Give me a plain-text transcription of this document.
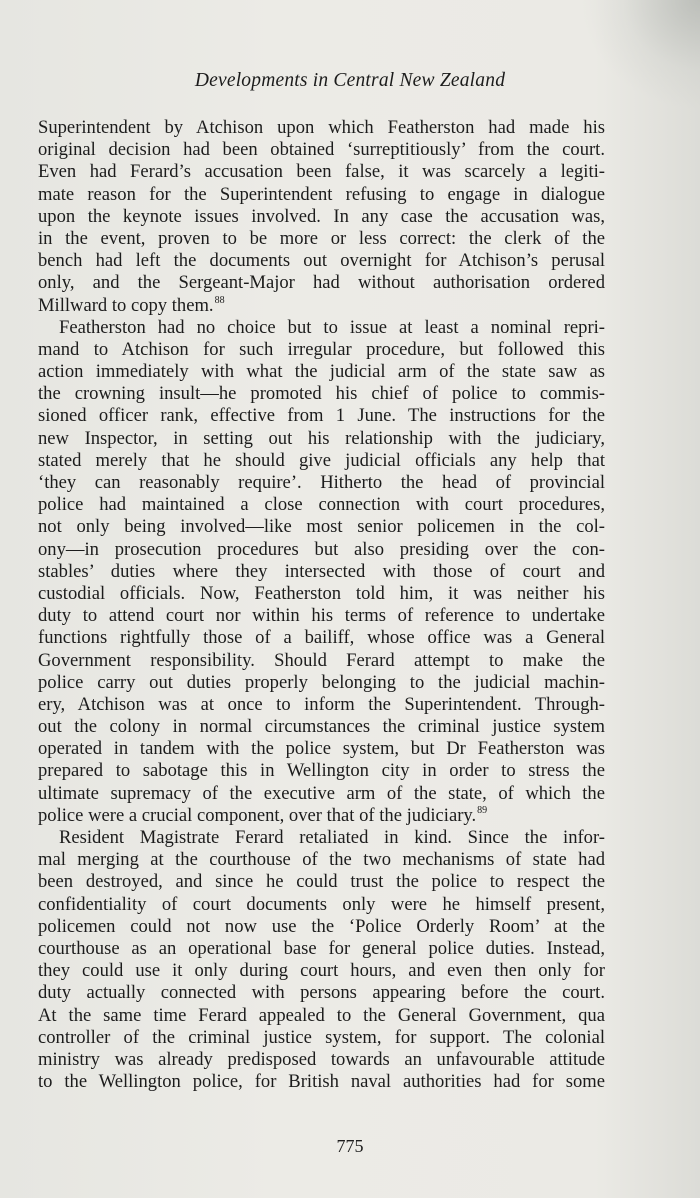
Developments in Central New Zealand
Superintendent by Atchison upon which Featherston had made his
original decision had been obtained ‘surreptitiously’ from the court.
Even had Ferard’s accusation been false, it was scarcely a legiti-
mate reason for the Superintendent refusing to engage in dialogue
upon the keynote issues involved. In any case the accusation was,
in the event, proven to be more or less correct: the clerk of the
bench had left the documents out overnight for Atchison’s perusal
only, and the Sergeant-Major had without authorisation ordered
Millward to copy them.$^{88}$
Featherston had no choice but to issue at least a nominal repri-
mand to Atchison for such irregular procedure, but followed this
action immediately with what the judicial arm of the state saw as
the crowning insult—he promoted his chief of police to commis-
sioned officer rank, effective from 1 June. The instructions for the
new Inspector, in setting out his relationship with the judiciary,
stated merely that he should give judicial officials any help that
‘they can reasonably require’. Hitherto the head of provincial
police had maintained a close connection with court procedures,
not only being involved—like most senior policemen in the col-
ony—in prosecution procedures but also presiding over the con-
stables’ duties where they intersected with those of court and
custodial officials. Now, Featherston told him, it was neither his
duty to attend court nor within his terms of reference to undertake
functions rightfully those of a bailiff, whose office was a General
Government responsibility. Should Ferard attempt to make the
police carry out duties properly belonging to the judicial machin-
ery, Atchison was at once to inform the Superintendent. Through-
out the colony in normal circumstances the criminal justice system
operated in tandem with the police system, but Dr Featherston was
prepared to sabotage this in Wellington city in order to stress the
ultimate supremacy of the executive arm of the state, of which the
police were a crucial component, over that of the judiciary.$^{89}$
Resident Magistrate Ferard retaliated in kind. Since the infor-
mal merging at the courthouse of the two mechanisms of state had
been destroyed, and since he could trust the police to respect the
confidentiality of court documents only were he himself present,
policemen could not now use the ‘Police Orderly Room’ at the
courthouse as an operational base for general police duties. Instead,
they could use it only during court hours, and even then only for
duty actually connected with persons appearing before the court.
At the same time Ferard appealed to the General Government, qua
controller of the criminal justice system, for support. The colonial
ministry was already predisposed towards an unfavourable attitude
to the Wellington police, for British naval authorities had for some
775
